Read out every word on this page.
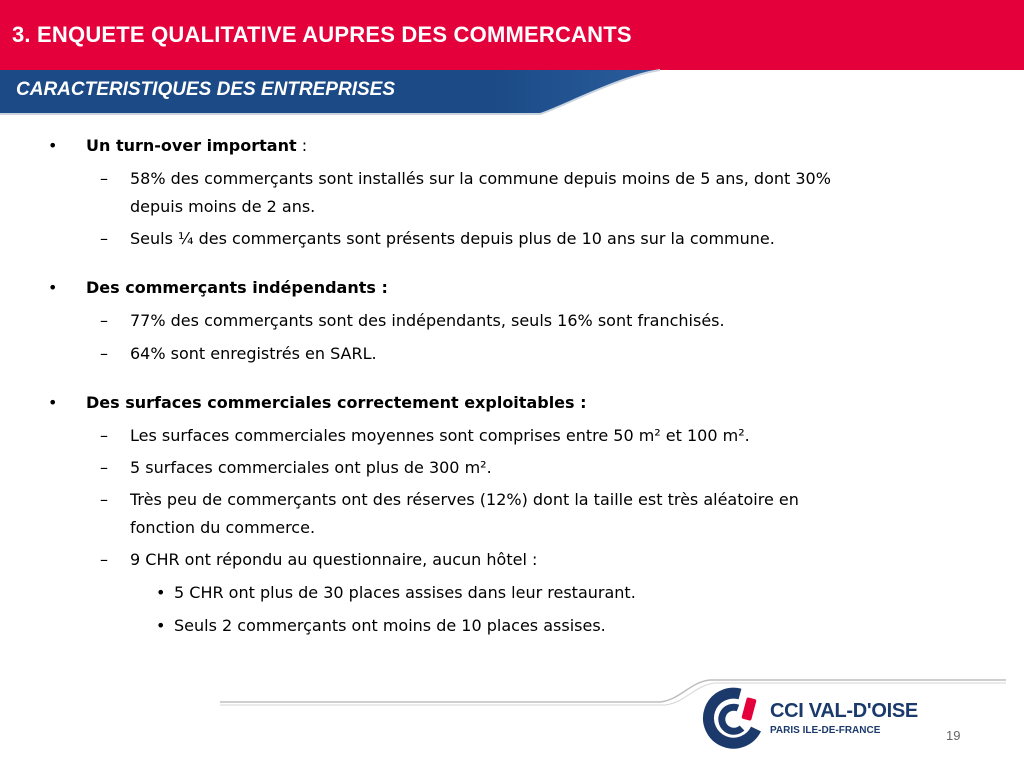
3. ENQUETE QUALITATIVE AUPRES DES COMMERCANTS
CARACTERISTIQUES DES ENTREPRISES
• Un turn-over important :
– 58% des commerçants sont installés sur la commune depuis moins de 5 ans, dont 30%
depuis moins de 2 ans.
– Seuls ¼ des commerçants sont présents depuis plus de 10 ans sur la commune.
• Des commerçants indépendants :
– 77% des commerçants sont des indépendants, seuls 16% sont franchisés.
– 64% sont enregistrés en SARL.
• Des surfaces commerciales correctement exploitables :
– Les surfaces commerciales moyennes sont comprises entre 50 m² et 100 m².
– 5 surfaces commerciales ont plus de 300 m².
– Très peu de commerçants ont des réserves (12%) dont la taille est très aléatoire en
fonction du commerce.
– 9 CHR ont répondu au questionnaire, aucun hôtel :
• 5 CHR ont plus de 30 places assises dans leur restaurant.
• Seuls 2 commerçants ont moins de 10 places assises.
CCI VAL-D'OISE
PARIS ILE-DE-FRANCE	19
